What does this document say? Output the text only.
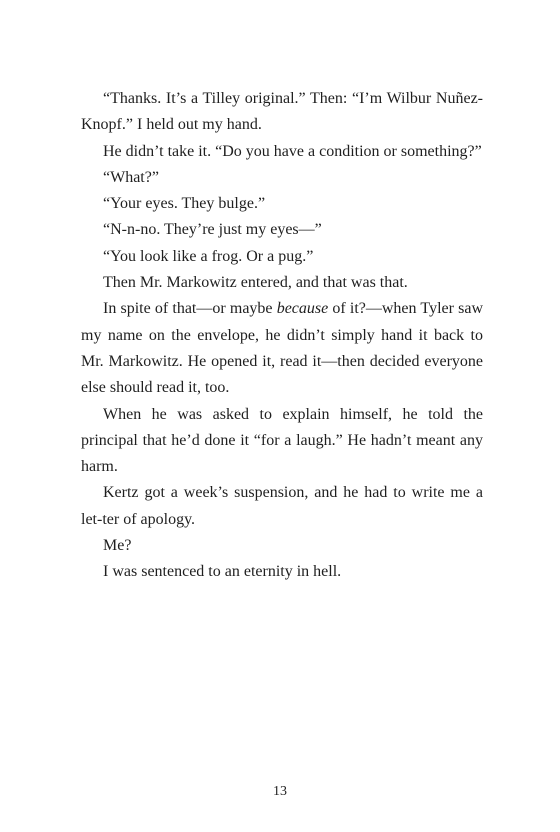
“Thanks. It’s a Tilley original.” Then: “I’m Wilbur Nuñez-Knopf.” I held out my hand.

He didn’t take it. “Do you have a condition or something?”

“What?”

“Your eyes. They bulge.”

“N-n-no. They’re just my eyes—”

“You look like a frog. Or a pug.”

Then Mr. Markowitz entered, and that was that.

In spite of that—or maybe because of it?—when Tyler saw my name on the envelope, he didn’t simply hand it back to Mr. Markowitz. He opened it, read it—then decided everyone else should read it, too.

When he was asked to explain himself, he told the principal that he’d done it “for a laugh.” He hadn’t meant any harm.

Kertz got a week’s suspension, and he had to write me a let-ter of apology.

Me?

I was sentenced to an eternity in hell.

13
